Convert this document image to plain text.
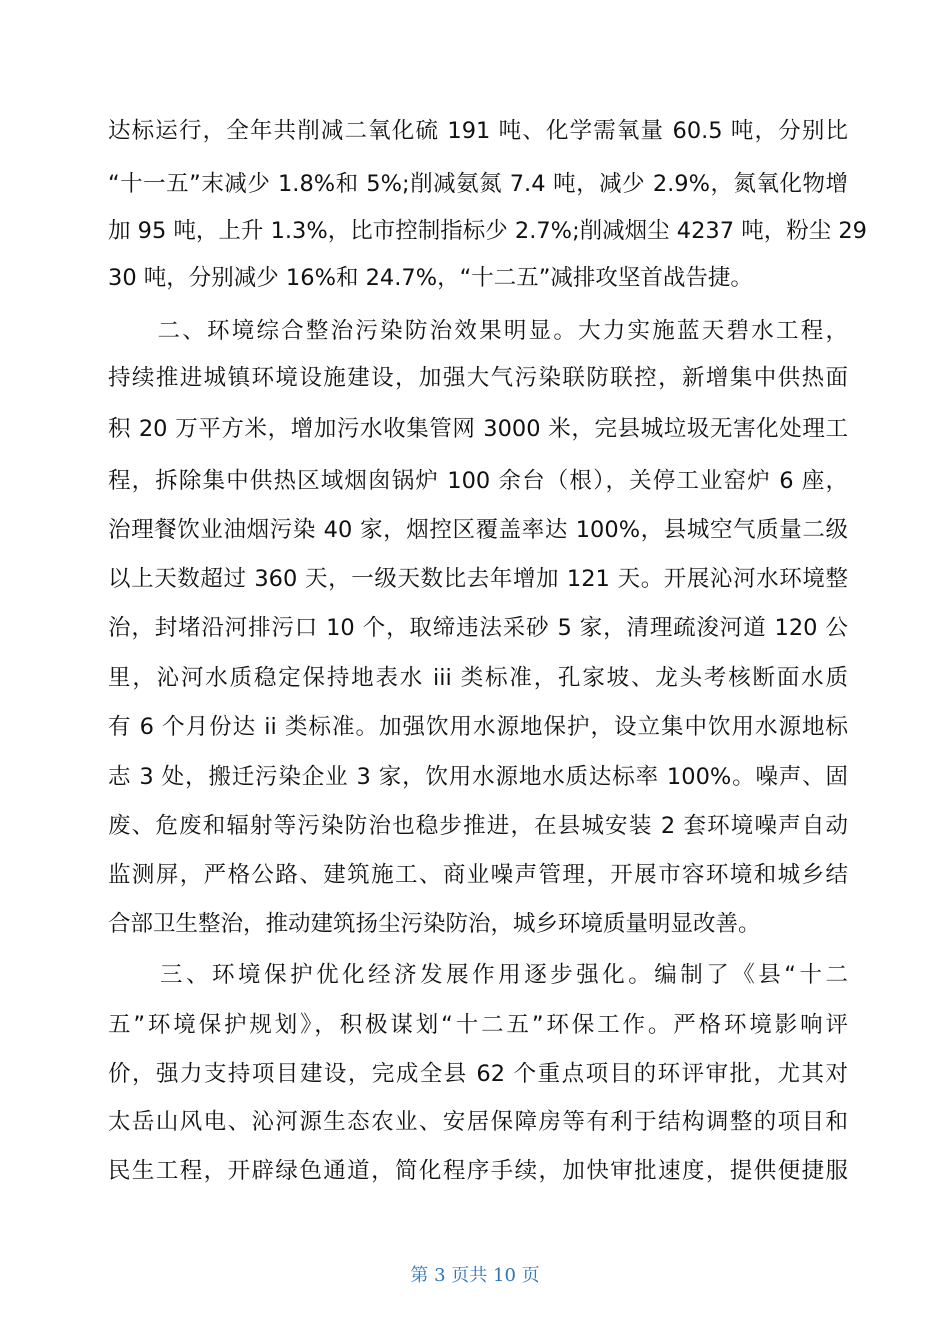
达标运行，全年共削减二氧化硫 191 吨、化学需氧量 60.5 吨，分别比
“十一五”末减少 1.8%和 5%;削减氨氮 7.4 吨，减少 2.9%，氮氧化物增
加 95 吨，上升 1.3%，比市控制指标少 2.7%;削减烟尘 4237 吨，粉尘 29
30 吨，分别减少 16%和 24.7%，“十二五”减排攻坚首战告捷。
　　二、环境综合整治污染防治效果明显。大力实施蓝天碧水工程，
持续推进城镇环境设施建设，加强大气污染联防联控，新增集中供热面
积 20 万平方米，增加污水收集管网 3000 米，完县城垃圾无害化处理工
程，拆除集中供热区域烟囱锅炉 100 余台（根），关停工业窑炉 6 座，
治理餐饮业油烟污染 40 家，烟控区覆盖率达 100%，县城空气质量二级
以上天数超过 360 天，一级天数比去年增加 121 天。开展沁河水环境整
治，封堵沿河排污口 10 个，取缔违法采砂 5 家，清理疏浚河道 120 公
里，沁河水质稳定保持地表水 iii 类标准，孔家坡、龙头考核断面水质
有 6 个月份达 ii 类标准。加强饮用水源地保护，设立集中饮用水源地标
志 3 处，搬迁污染企业 3 家，饮用水源地水质达标率 100%。噪声、固
废、危废和辐射等污染防治也稳步推进，在县城安装 2 套环境噪声自动
监测屏，严格公路、建筑施工、商业噪声管理，开展市容环境和城乡结
合部卫生整治，推动建筑扬尘污染防治，城乡环境质量明显改善。
　　三、环境保护优化经济发展作用逐步强化。编制了《县“十二
五”环境保护规划》，积极谋划“十二五”环保工作。严格环境影响评
价，强力支持项目建设，完成全县 62 个重点项目的环评审批，尤其对
太岳山风电、沁河源生态农业、安居保障房等有利于结构调整的项目和
民生工程，开辟绿色通道，简化程序手续，加快审批速度，提供便捷服
第 3 页共 10 页
